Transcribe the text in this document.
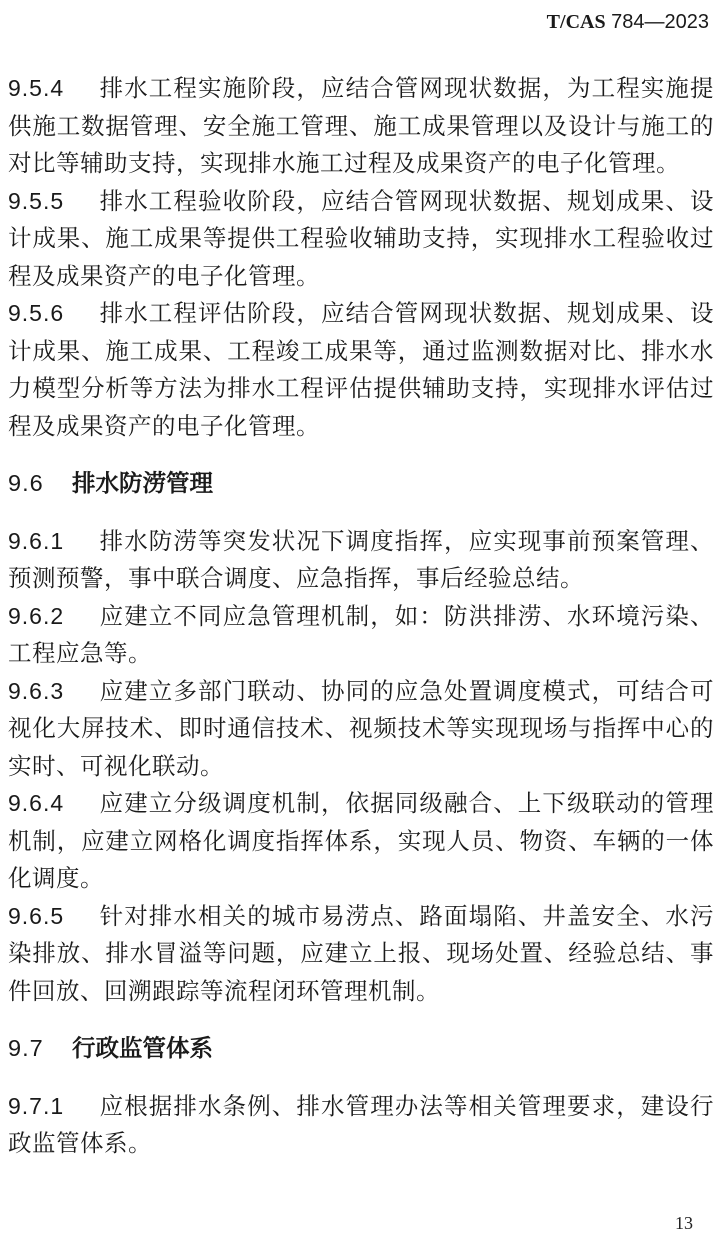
T/CAS 784—2023

9.5.4 排水工程实施阶段，应结合管网现状数据，为工程实施提供施工数据管理、安全施工管理、施工成果管理以及设计与施工的对比等辅助支持，实现排水施工过程及成果资产的电子化管理。

9.5.5 排水工程验收阶段，应结合管网现状数据、规划成果、设计成果、施工成果等提供工程验收辅助支持，实现排水工程验收过程及成果资产的电子化管理。

9.5.6 排水工程评估阶段，应结合管网现状数据、规划成果、设计成果、施工成果、工程竣工成果等，通过监测数据对比、排水水力模型分析等方法为排水工程评估提供辅助支持，实现排水评估过程及成果资产的电子化管理。

9.6 排水防涝管理

9.6.1 排水防涝等突发状况下调度指挥，应实现事前预案管理、预测预警，事中联合调度、应急指挥，事后经验总结。

9.6.2 应建立不同应急管理机制，如：防洪排涝、水环境污染、工程应急等。

9.6.3 应建立多部门联动、协同的应急处置调度模式，可结合可视化大屏技术、即时通信技术、视频技术等实现现场与指挥中心的实时、可视化联动。

9.6.4 应建立分级调度机制，依据同级融合、上下级联动的管理机制，应建立网格化调度指挥体系，实现人员、物资、车辆的一体化调度。

9.6.5 针对排水相关的城市易涝点、路面塌陷、井盖安全、水污染排放、排水冒溢等问题，应建立上报、现场处置、经验总结、事件回放、回溯跟踪等流程闭环管理机制。

9.7 行政监管体系

9.7.1 应根据排水条例、排水管理办法等相关管理要求，建设行政监管体系。

13
